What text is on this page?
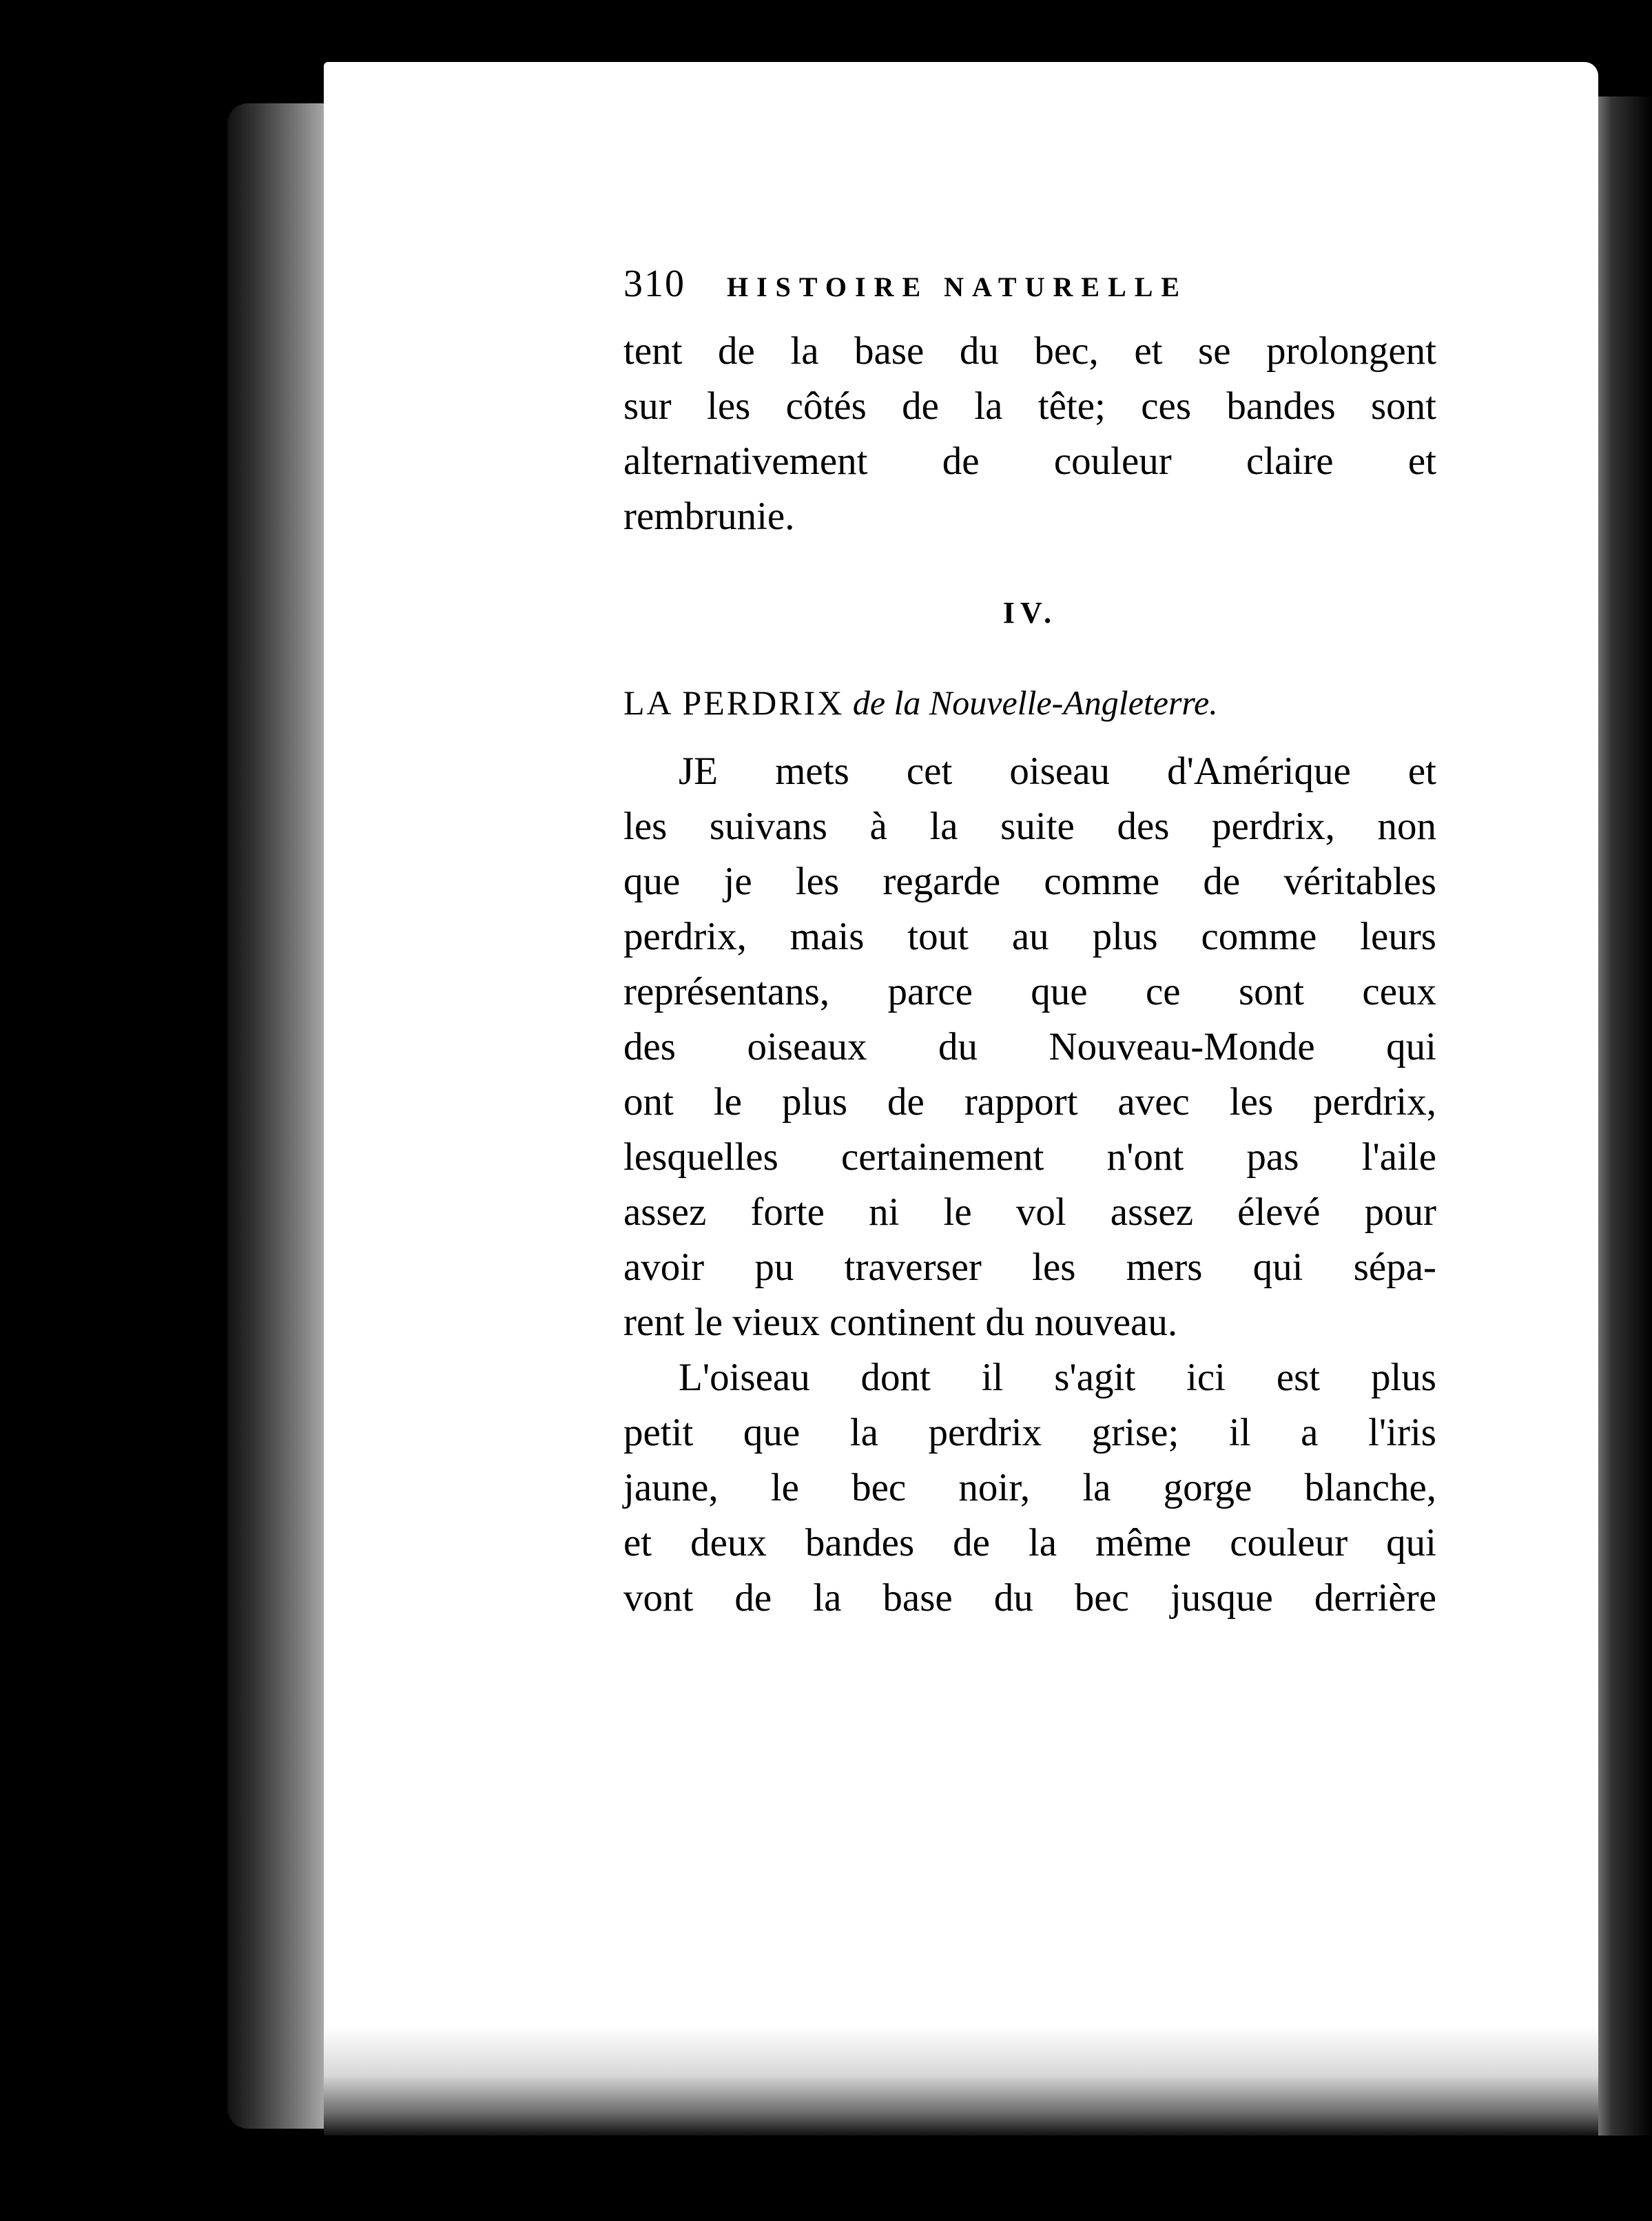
310	HISTOIRE NATURELLE
tent de la base du bec, et se prolongent
sur les côtés de la tête; ces bandes sont
alternativement de couleur claire et
rembrunie.
IV.
LA PERDRIX de la Nouvelle-Angleterre.
JE mets cet oiseau d'Amérique et
les suivans à la suite des perdrix, non
que je les regarde comme de véritables
perdrix, mais tout au plus comme leurs
représentans, parce que ce sont ceux
des oiseaux du Nouveau-Monde qui
ont le plus de rapport avec les perdrix,
lesquelles certainement n'ont pas l'aile
assez forte ni le vol assez élevé pour
avoir pu traverser les mers qui sépa-
rent le vieux continent du nouveau.
L'oiseau dont il s'agit ici est plus
petit que la perdrix grise; il a l'iris
jaune, le bec noir, la gorge blanche,
et deux bandes de la même couleur qui
vont de la base du bec jusque derrière
